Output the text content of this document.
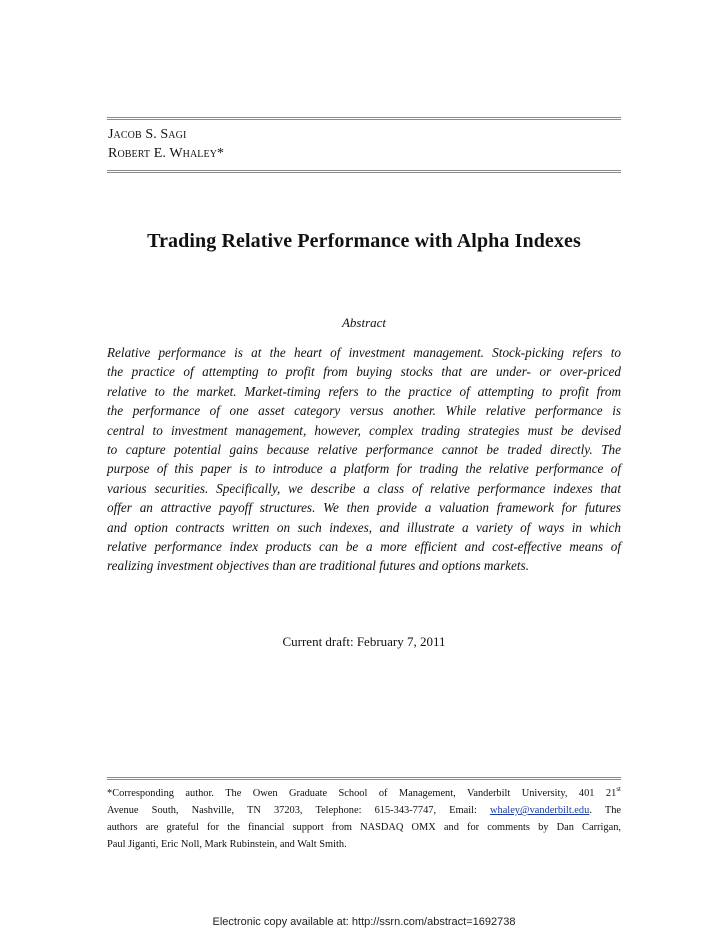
Jacob S. Sagi
Robert E. Whaley*
Trading Relative Performance with Alpha Indexes
Abstract
Relative performance is at the heart of investment management. Stock-picking refers to
the practice of attempting to profit from buying stocks that are under- or over-priced
relative to the market. Market-timing refers to the practice of attempting to profit from
the performance of one asset category versus another. While relative performance is
central to investment management, however, complex trading strategies must be devised
to capture potential gains because relative performance cannot be traded directly. The
purpose of this paper is to introduce a platform for trading the relative performance of
various securities. Specifically, we describe a class of relative performance indexes that
offer an attractive payoff structures. We then provide a valuation framework for futures
and option contracts written on such indexes, and illustrate a variety of ways in which
relative performance index products can be a more efficient and cost-effective means of
realizing investment objectives than are traditional futures and options markets.
Current draft: February 7, 2011
*Corresponding author. The Owen Graduate School of Management, Vanderbilt University, 401 21st
Avenue South, Nashville, TN 37203, Telephone: 615-343-7747, Email: whaley@vanderbilt.edu. The
authors are grateful for the financial support from NASDAQ OMX and for comments by Dan Carrigan,
Paul Jiganti, Eric Noll, Mark Rubinstein, and Walt Smith.
Electronic copy available at: http://ssrn.com/abstract=1692738
